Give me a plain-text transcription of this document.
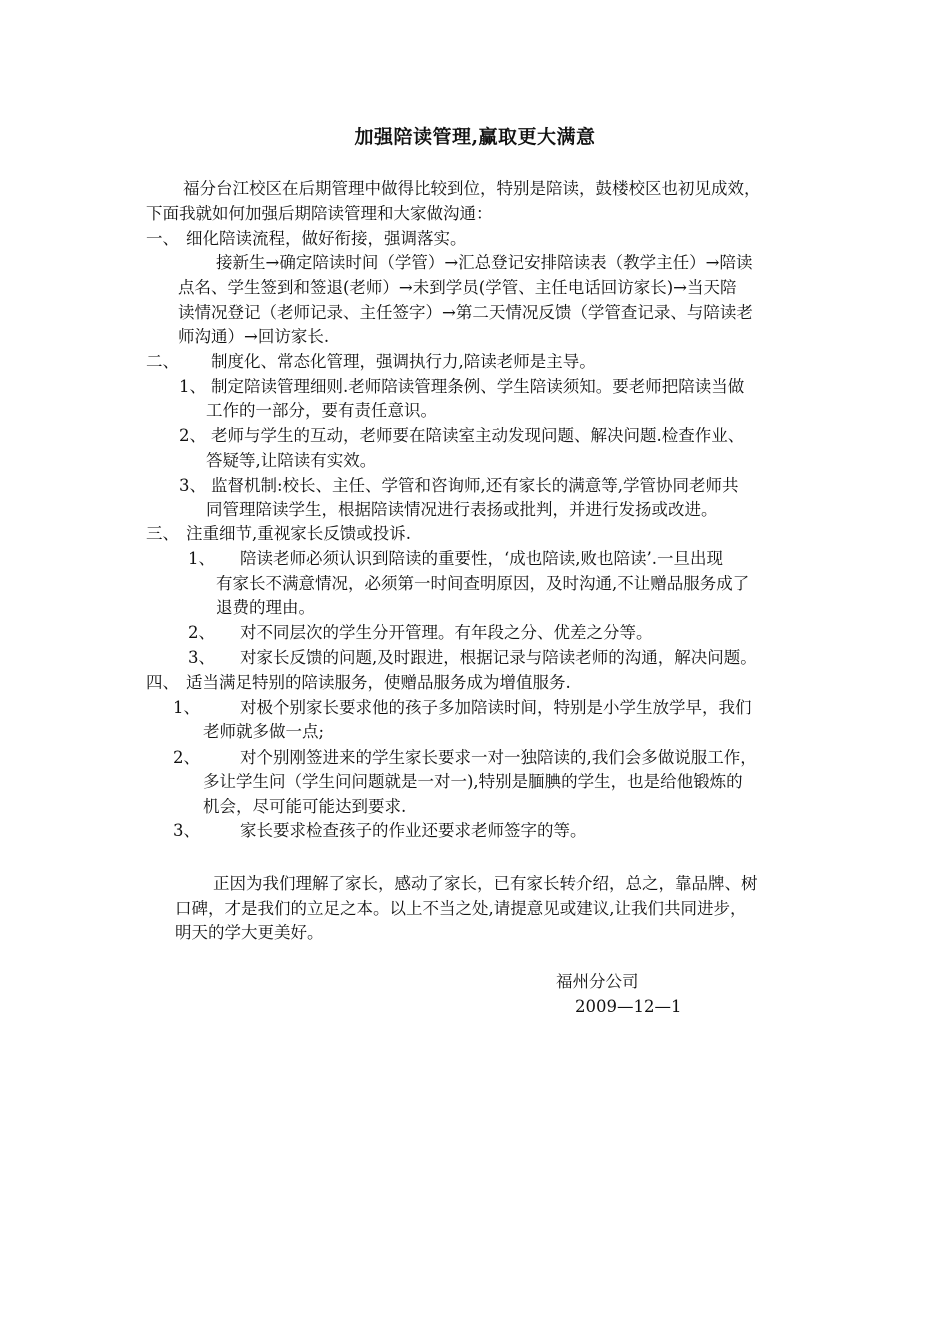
加强陪读管理,赢取更大满意
福分台江校区在后期管理中做得比较到位，特别是陪读，鼓楼校区也初见成效，
下面我就如何加强后期陪读管理和大家做沟通：
一、 细化陪读流程，做好衔接，强调落实。
接新生→确定陪读时间（学管）→汇总登记安排陪读表（教学主任）→陪读
点名、学生签到和签退(老师）→未到学员(学管、主任电话回访家长)→当天陪
读情况登记（老师记录、主任签字）→第二天情况反馈（学管查记录、与陪读老
师沟通）→回访家长.
二、 制度化、常态化管理，强调执行力,陪读老师是主导。
1、 制定陪读管理细则.老师陪读管理条例、学生陪读须知。要老师把陪读当做
工作的一部分，要有责任意识。
2、 老师与学生的互动，老师要在陪读室主动发现问题、解决问题.检查作业、
答疑等,让陪读有实效。
3、 监督机制:校长、主任、学管和咨询师,还有家长的满意等,学管协同老师共
同管理陪读学生，根据陪读情况进行表扬或批判，并进行发扬或改进。
三、 注重细节,重视家长反馈或投诉.
1、 陪读老师必须认识到陪读的重要性，‘成也陪读,败也陪读’.一旦出现
有家长不满意情况，必须第一时间查明原因，及时沟通,不让赠品服务成了
退费的理由。
2、 对不同层次的学生分开管理。有年段之分、优差之分等。
3、 对家长反馈的问题,及时跟进，根据记录与陪读老师的沟通，解决问题。
四、 适当满足特别的陪读服务，使赠品服务成为增值服务.
1、 对极个别家长要求他的孩子多加陪读时间，特别是小学生放学早，我们
老师就多做一点;
2、 对个别刚签进来的学生家长要求一对一独陪读的,我们会多做说服工作，
多让学生问（学生问问题就是一对一),特别是腼腆的学生，也是给他锻炼的
机会，尽可能可能达到要求.
3、 家长要求检查孩子的作业还要求老师签字的等。
正因为我们理解了家长，感动了家长，已有家长转介绍，总之，靠品牌、树
口碑，才是我们的立足之本。以上不当之处,请提意见或建议,让我们共同进步，
明天的学大更美好。
福州分公司
2009—12—1
